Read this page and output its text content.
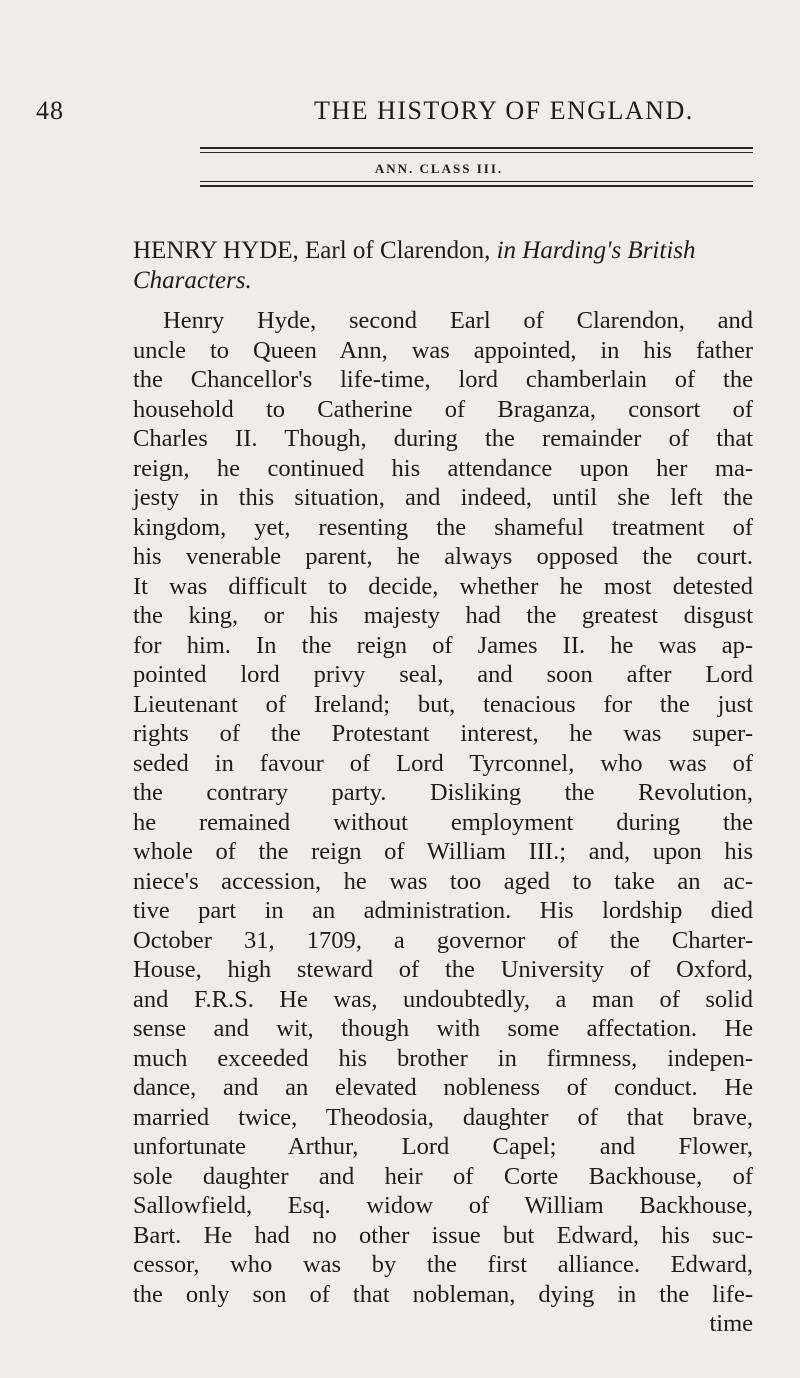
48	THE HISTORY OF ENGLAND.
ANN. CLASS III.
HENRY HYDE, Earl of Clarendon, in Harding's British Characters.
Henry Hyde, second Earl of Clarendon, and
uncle to Queen Ann, was appointed, in his father
the Chancellor's life-time, lord chamberlain of the
household to Catherine of Braganza, consort of
Charles II. Though, during the remainder of that
reign, he continued his attendance upon her ma-
jesty in this situation, and indeed, until she left the
kingdom, yet, resenting the shameful treatment of
his venerable parent, he always opposed the court.
It was difficult to decide, whether he most detested
the king, or his majesty had the greatest disgust
for him. In the reign of James II. he was ap-
pointed lord privy seal, and soon after Lord
Lieutenant of Ireland; but, tenacious for the just
rights of the Protestant interest, he was super-
seded in favour of Lord Tyrconnel, who was of
the contrary party. Disliking the Revolution,
he remained without employment during the
whole of the reign of William III.; and, upon his
niece's accession, he was too aged to take an ac-
tive part in an administration. His lordship died
October 31, 1709, a governor of the Charter-
House, high steward of the University of Oxford,
and F.R.S. He was, undoubtedly, a man of solid
sense and wit, though with some affectation. He
much exceeded his brother in firmness, indepen-
dance, and an elevated nobleness of conduct. He
married twice, Theodosia, daughter of that brave,
unfortunate Arthur, Lord Capel; and Flower,
sole daughter and heir of Corte Backhouse, of
Sallowfield, Esq. widow of William Backhouse,
Bart. He had no other issue but Edward, his suc-
cessor, who was by the first alliance. Edward,
the only son of that nobleman, dying in the life-
time
